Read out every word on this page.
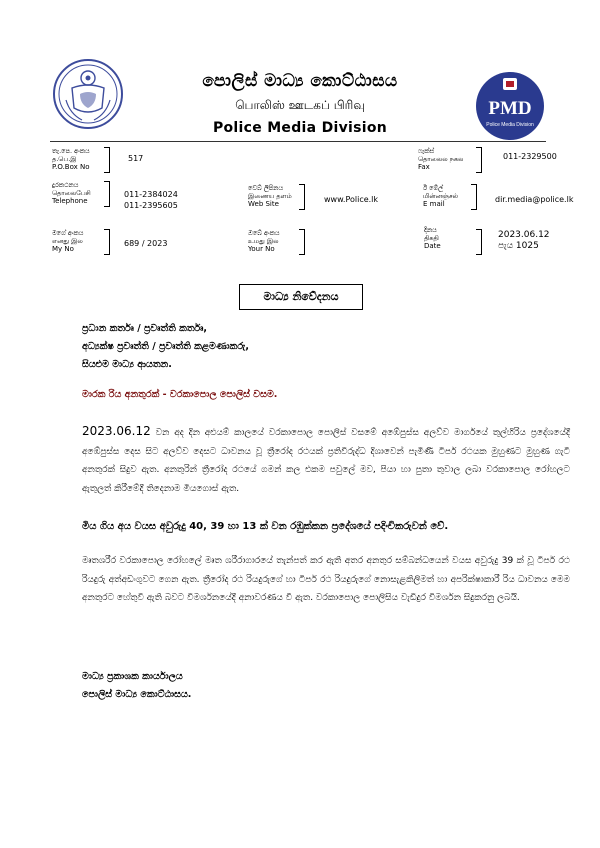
පොලිස් මාධ්‍ය කොට්ඨාසය
பொலிஸ் ஊடகப் பிரிவு
Police Media Division
PMD
Police Media Division
තැ.පෙ. අංකය
த.பெ.இ
P.O.Box No
517
ෆැක්ස්
தொலைல நகல
Fax
011-2329500
දුරකථනය
தொலைபேசி
Telephone
011-2384024
011-2395605
වෙබ් ලිපිනය
இணைய தளம்
Web Site	www.Police.lk
ඊ මේල්
மின்னஞ்சல்
E mail	dir.media@police.lk
මගේ අංකය
எனது இல
My No
689 / 2023
ඔබේ අංකය
உமது இல
Your No
දිනය
திகதி
Date
2023.06.12
පැය 1025
මාධ්‍ය නිවේදනය
ප්‍රධාන කර්තෘ / ප්‍රවෘත්ති කර්තෘ,
අධ්‍යක්ෂ ප්‍රවෘත්ති / ප්‍රවෘත්ති කළමණාකරු,
සියළුම මාධ්‍ය ආයතන.
මාරක රිය අනතුරක් - වරකාපොල පොලිස් වසම.
2023.06.12 වන අද දින අළුයම් කාලයේ වරකාපොල පොලිස් වසමේ අඹේපුස්ස අලව්ව මාර්ගයේ තුල්හිරිය ප්‍රදේශයේදී අඹේපුස්ස දෙස සිට අලව්ව දෙසට ධාවනය වූ ත්‍රීරෝද රථයක් ප්‍රතිවිරුද්ධ දිශාවෙන් පැමිණි ටිපර් රථයක මුහුණට මුහුණ ගැටී අනතුරක් සිදුව ඇත. අනතුරින් ත්‍රීරෝද රථයේ ගමන් කල එකම පවුලේ මව, පියා හා පුතා තුවාල ලබා වරකාපොල රෝහලට ඇතුලත් කිරීමේදී තිදෙනාම මියගොස් ඇත.
මිය ගිය අය වයස අවුරුදු 40, 39 හා 13 ක් වන රඹුක්කන ප්‍රදේශයේ පදිංචිකරුවන් වේ.
මෘතශරීර වරකාපොල රෝහලේ මෘත ශරීරාගාරයේ තැන්පත් කර ඇති අතර අනතුර සම්බන්ධයෙන් වයස අවුරුදු 39 ක් වූ ටිපර් රථ රියදුරු අත්අඩංගුවට ගෙන ඇත. ත්‍රීරෝද රථ රියදුරුගේ හා ටිපර් රථ රියදුරුගේ නොසැළකිලිමත් හා අපරික්ෂාකාරී රිය ධාවනය මෙම අනතුරට හේතුවී ඇති බවට විමර්ශනයේදී අනාවරණය වී ඇත. වරකාපොල පොලිසිය වැඩිදුර විමර්ශන සිදුකරනු ලබයි.
මාධ්‍ය ප්‍රකාශක කාර්යාලය
පොලිස් මාධ්‍ය කොට්ඨාසය.
